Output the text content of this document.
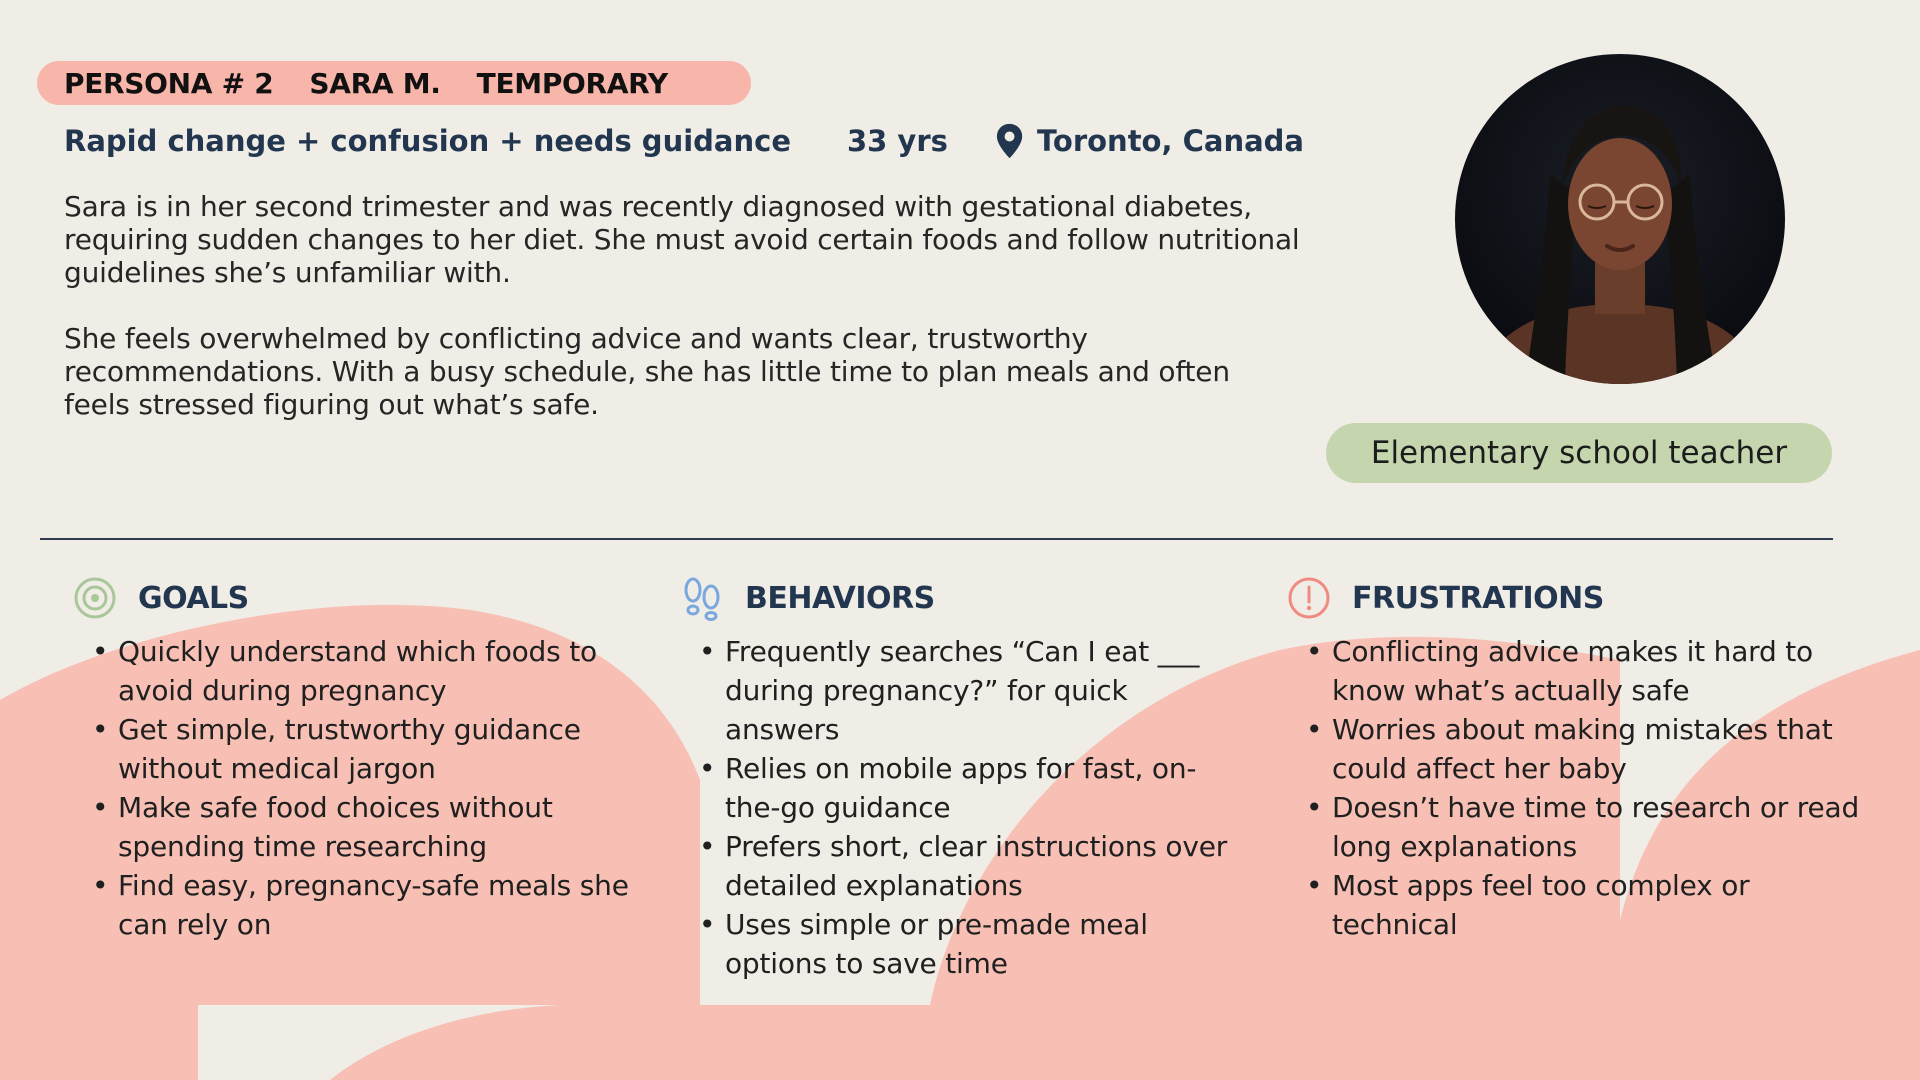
PERSONA # 2 SARA M. TEMPORARY
Rapid change + confusion + needs guidance 33 yrs	Toronto, Canada

Sara is in her second trimester and was recently diagnosed with gestational diabetes, requiring sudden changes to her diet. She must avoid certain foods and follow nutritional guidelines she’s unfamiliar with.

She feels overwhelmed by conflicting advice and wants clear, trustworthy recommendations. With a busy schedule, she has little time to plan meals and often feels stressed figuring out what’s safe.

Elementary school teacher
GOALS
• Quickly understand which foods to avoid during pregnancy
• Get simple, trustworthy guidance without medical jargon
• Make safe food choices without spending time researching
• Find easy, pregnancy-safe meals she can rely on
BEHAVIORS
• Frequently searches “Can I eat ___ during pregnancy?” for quick answers
• Relies on mobile apps for fast, on-the-go guidance
• Prefers short, clear instructions over detailed explanations
• Uses simple or pre-made meal options to save time
FRUSTRATIONS
• Conflicting advice makes it hard to know what’s actually safe
• Worries about making mistakes that could affect her baby
• Doesn’t have time to research or read long explanations
• Most apps feel too complex or technical
